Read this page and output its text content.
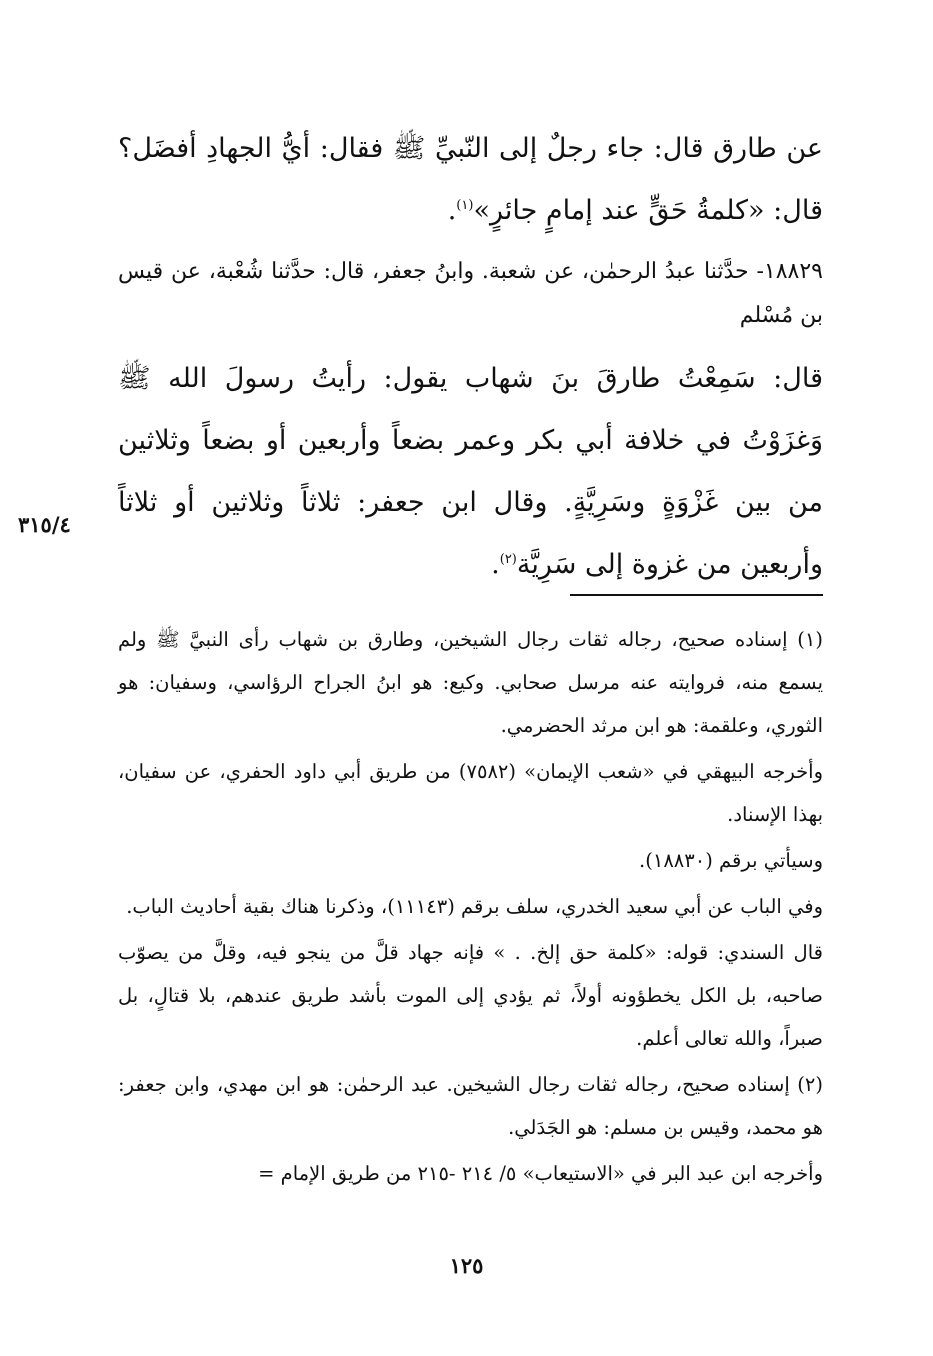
عن طارق قال: جاء رجلٌ إلى النّبيِّ ﷺ فقال: أيُّ الجهادِ أفضَل؟ قال: «كلمةُ حَقٍّ عند إمامٍ جائرٍ»$^{(١)}$.

١٨٨٢٩- حدَّثنا عبدُ الرحمٰن، عن شعبة. وابنُ جعفر، قال: حدَّثنا شُعْبة، عن قيس بن مُسْلم

قال: سَمِعْتُ طارقَ بنَ شهاب يقول: رأيتُ رسولَ الله ﷺ وَغزَوْتُ في خلافة أبي بكر وعمر بضعاً وأربعين أو بضعاً وثلاثين من بين غَزْوَةٍ وسَرِيَّةٍ. وقال ابن جعفر: ثلاثاً وثلاثين أو ثلاثاً وأربعين من غزوة إلى سَرِيَّة$^{(٢)}$.

٣١٥/٤

(١) إسناده صحيح، رجاله ثقات رجال الشيخين، وطارق بن شهاب رأى النبيَّ ﷺ ولم يسمع منه، فروايته عنه مرسل صحابي. وكيع: هو ابنُ الجراح الرؤاسي، وسفيان: هو الثوري، وعلقمة: هو ابن مرثد الحضرمي.

وأخرجه البيهقي في «شعب الإيمان» (٧٥٨٢) من طريق أبي داود الحفري، عن سفيان، بهذا الإسناد.

وسيأتي برقم (١٨٨٣٠).

وفي الباب عن أبي سعيد الخدري، سلف برقم (١١١٤٣)، وذكرنا هناك بقية أحاديث الباب.

قال السندي: قوله: «كلمة حق إلخ. . » فإنه جهاد قلَّ من ينجو فيه، وقلَّ من يصوّب صاحبه، بل الكل يخطؤونه أولاً، ثم يؤدي إلى الموت بأشد طريق عندهم، بلا قتالٍ، بل صبراً، والله تعالى أعلم.

(٢) إسناده صحيح، رجاله ثقات رجال الشيخين. عبد الرحمٰن: هو ابن مهدي، وابن جعفر: هو محمد، وقيس بن مسلم: هو الجَدَلي.

وأخرجه ابن عبد البر في «الاستيعاب» ٥/ ٢١٤ -٢١٥ من طريق الإمام =

١٢٥
